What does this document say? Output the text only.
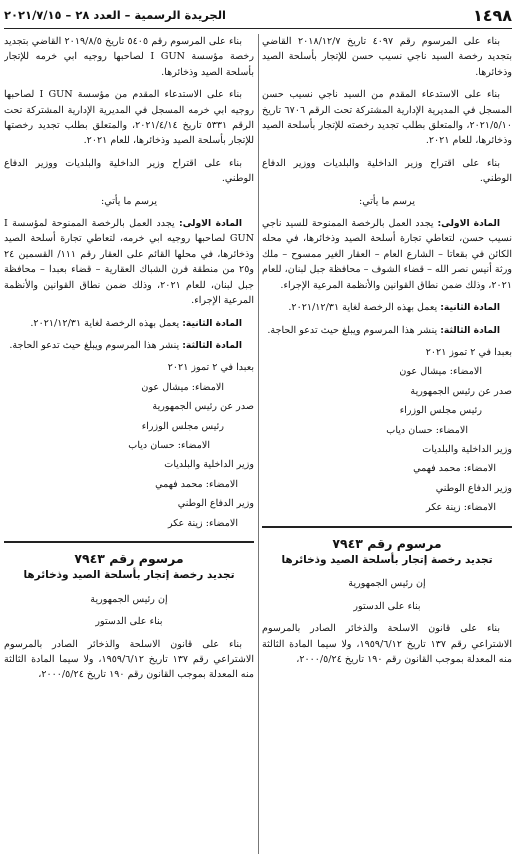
١٤٩٨
الجريدة الرسمية – العدد ٢٨ – ٢٠٢١/٧/١٥

بناء على المرسوم رقم ٤٠٩٧ تاريخ ٢٠١٨/١٢/٧ القاضي بتجديد رخصة السيد ناجي نسيب حسن للإتجار بأسلحة الصيد وذخائرها.

بناء على الاستدعاء المقدم من السيد ناجي نسيب حسن المسجل في المديرية الإدارية المشتركة تحت الرقم ٦٧٠٦ تاريخ ٢٠٢١/٥/١٠، والمتعلق بطلب تجديد رخصته للإتجار بأسلحة الصيد وذخائرها، للعام ٢٠٢١.

بناء على اقتراح وزير الداخلية والبلديات ووزير الدفاع الوطني.

يرسم ما يأتي:

المادة الاولى: يجدد العمل بالرخصة الممنوحة للسيد ناجي نسيب حسن، لتعاطي تجارة أسلحة الصيد وذخائرها، في محله الكائن في بقعاتا – الشارع العام – العقار الغير ممسوح – ملك ورثة أنيس نصر الله – قضاء الشوف – محافظة جبل لبنان، للعام ٢٠٢١، وذلك ضمن نطاق القوانين والأنظمة المرعية الإجراء.

المادة الثانية: يعمل بهذه الرخصة لغاية ٢٠٢١/١٢/٣١.

المادة الثالثة: ينشر هذا المرسوم ويبلغ حيث تدعو الحاجة.

بعبدا في ٢ تموز ٢٠٢١

الامضاء: ميشال عون

صدر عن رئيس الجمهورية

رئيس مجلس الوزراء

الامضاء: حسان دياب

وزير الداخلية والبلديات

الامضاء: محمد فهمي

وزير الدفاع الوطني

الامضاء: زينة عكر

مرسوم رقم ٧٩٤٣
تجديد رخصة إتجار بأسلحة الصيد وذخائرها

إن رئيس الجمهورية

بناء على الدستور

بناء على قانون الاسلحة والذخائر الصادر بالمرسوم الاشتراعي رقم ١٣٧ تاريخ ١٩٥٩/٦/١٢، ولا سيما المادة الثالثة منه المعدلة بموجب القانون رقم ١٩٠ تاريخ ٢٠٠٠/٥/٢٤،

بناء على المرسوم رقم ٥٤٠٥ تاريخ ٢٠١٩/٨/٥ القاضي بتجديد رخصة مؤسسة I GUN لصاحبها روجيه ابي خرمه للإتجار بأسلحة الصيد وذخائرها.

بناء على الاستدعاء المقدم من مؤسسة I GUN لصاحبها روجيه ابي خرمه المسجل في المديرية الإدارية المشتركة تحت الرقم ٥٣٣١ تاريخ ٢٠٢١/٤/١٤، والمتعلق بطلب تجديد رخصتها للإتجار بأسلحة الصيد وذخائرها، للعام ٢٠٢١.

بناء على اقتراح وزير الداخلية والبلديات ووزير الدفاع الوطني.

يرسم ما يأتي:

المادة الاولى: يجدد العمل بالرخصة الممنوحة لمؤسسة I GUN لصاحبها روجيه ابي خرمه، لتعاطي تجارة أسلحة الصيد وذخائرها، في محلها القائم على العقار رقم ١١١/ القسمين ٢٤ و٢٥ من منطقة فرن الشباك العقارية – قضاء بعبدا – محافظة جبل لبنان، للعام ٢٠٢١، وذلك ضمن نطاق القوانين والأنظمة المرعية الإجراء.

المادة الثانية: يعمل بهذه الرخصة لغاية ٢٠٢١/١٢/٣١.

المادة الثالثة: ينشر هذا المرسوم ويبلغ حيث تدعو الحاجة.

بعبدا في ٢ تموز ٢٠٢١

الامضاء: ميشال عون

صدر عن رئيس الجمهورية

رئيس مجلس الوزراء

الامضاء: حسان دياب

وزير الداخلية والبلديات

الامضاء: محمد فهمي

وزير الدفاع الوطني

الامضاء: زينة عكر

مرسوم رقم ٧٩٤٣
تجديد رخصة إتجار بأسلحة الصيد وذخائرها

إن رئيس الجمهورية

بناء على الدستور

بناء على قانون الاسلحة والذخائر الصادر بالمرسوم الاشتراعي رقم ١٣٧ تاريخ ١٩٥٩/٦/١٢، ولا سيما المادة الثالثة منه المعدلة بموجب القانون رقم ١٩٠ تاريخ ٢٠٠٠/٥/٢٤،
